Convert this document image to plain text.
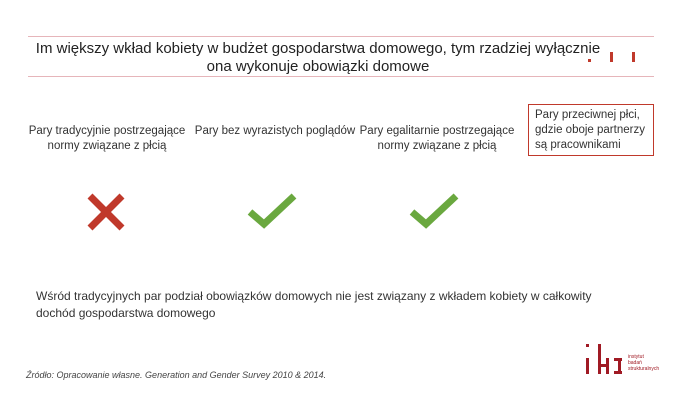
Im większy wkład kobiety w budżet gospodarstwa domowego, tym rzadziej wyłącznie
ona wykonuje obowiązki domowe
Pary tradycyjnie postrzegające
normy związane z płcią
Pary bez wyrazistych poglądów Pary egalitarnie postrzegające
normy związane z płcią
Pary przeciwnej płci,
gdzie oboje partnerzy
są pracownikami
Wśród tradycyjnych par podział obowiązków domowych nie jest związany z wkładem kobiety w całkowity
dochód gospodarstwa domowego
Źródło: Opracowanie własne. Generation and Gender Survey 2010 & 2014.
instytut
badań
strukturalnych
